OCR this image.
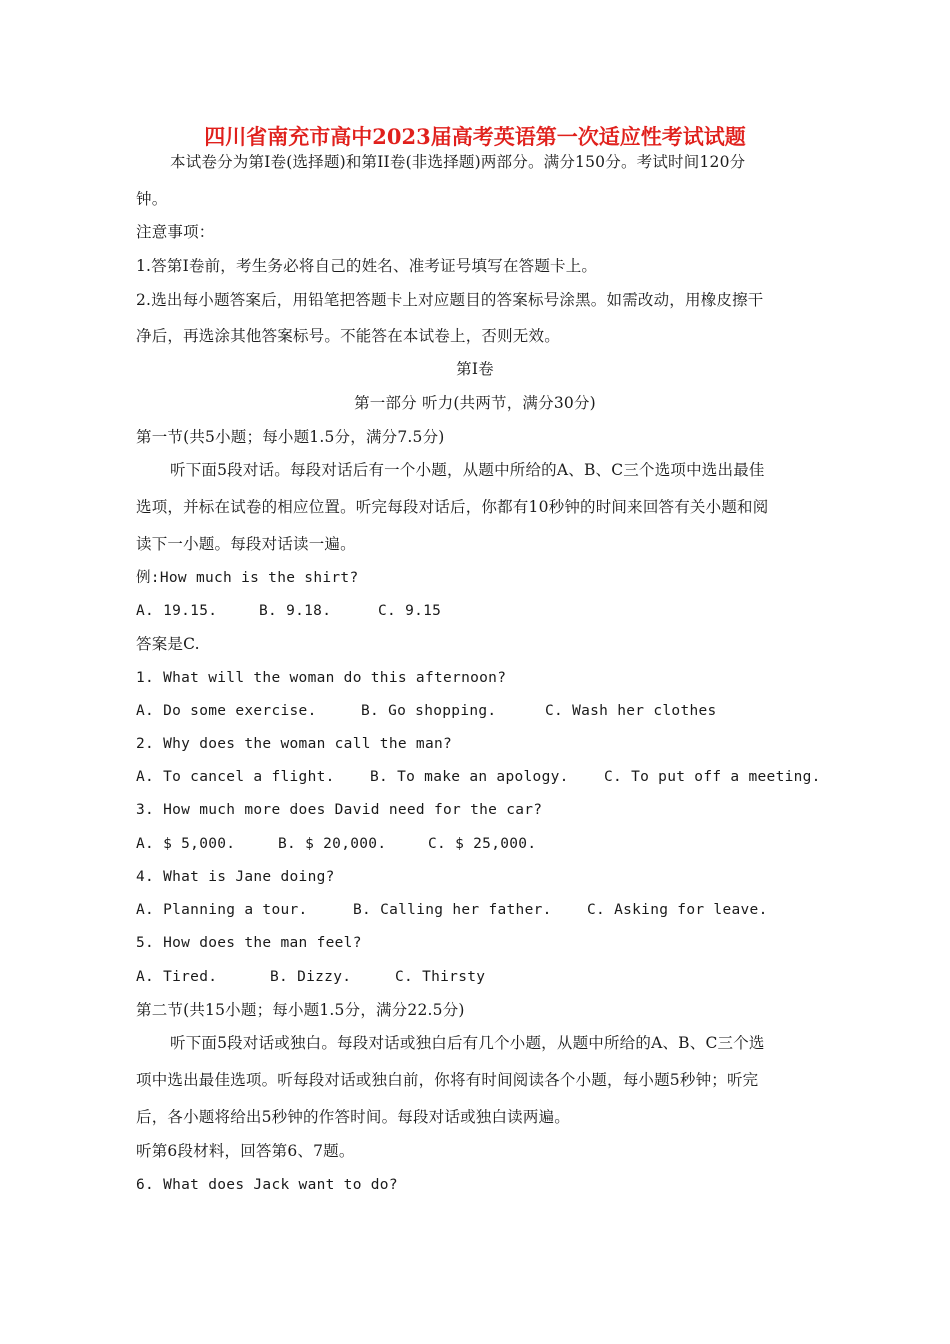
四川省南充市高中2023届高考英语第一次适应性考试试题
本试卷分为第Ⅰ卷(选择题)和第II卷(非选择题)两部分。满分150分。考试时间120分
钟。
注意事项：
1.答第Ⅰ卷前，考生务必将自己的姓名、准考证号填写在答题卡上。
2.选出每小题答案后，用铅笔把答题卡上对应题目的答案标号涂黑。如需改动，用橡皮擦干
净后，再选涂其他答案标号。不能答在本试卷上，否则无效。
第Ⅰ卷
第一部分 听力(共两节，满分30分)
第一节(共5小题；每小题1.5分，满分7.5分)
听下面5段对话。每段对话后有一个小题，从题中所给的A、B、C三个选项中选出最佳
选项，并标在试卷的相应位置。听完每段对话后，你都有10秒钟的时间来回答有关小题和阅
读下一小题。每段对话读一遍。
例:How much is the shirt?
A. 19.15.	B. 9.18.	C. 9.15
答案是C.
1. What will the woman do this afternoon?
A. Do some exercise.	B. Go shopping.	C. Wash her clothes
2. Why does the woman call the man?
A. To cancel a flight. B. To make an apology. C. To put off a meeting.
3. How much more does David need for the car?
A. $ 5,000.	B. $ 20,000.	C. $ 25,000.
4. What is Jane doing?
A. Planning a tour.	B. Calling her father. C. Asking for leave.
5. How does the man feel?
A. Tired.	B. Dizzy.	C. Thirsty
第二节(共15小题；每小题1.5分，满分22.5分)
听下面5段对话或独白。每段对话或独白后有几个小题，从题中所给的A、B、C三个选
项中选出最佳选项。听每段对话或独白前，你将有时间阅读各个小题，每小题5秒钟；听完
后，各小题将给出5秒钟的作答时间。每段对话或独白读两遍。
听第6段材料，回答第6、7题。
6. What does Jack want to do?
